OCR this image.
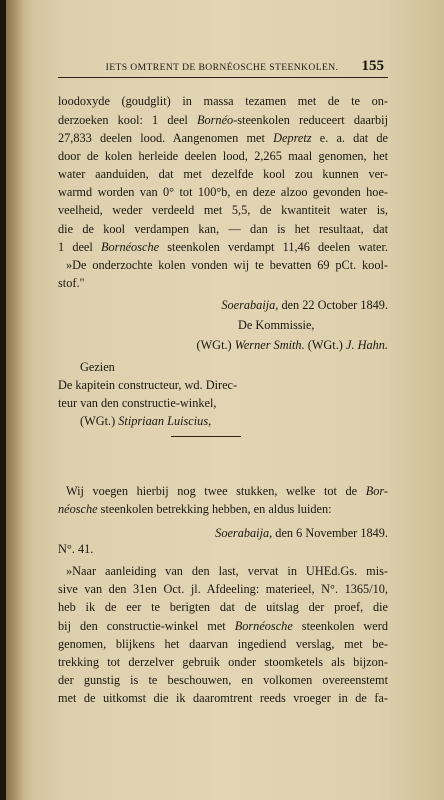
IETS OMTRENT DE BORNÉOSCHE STEENKOLEN.	155
loodoxyde (goudglit) in massa tezamen met de te on-
derzoeken kool: 1 deel Bornéo-steenkolen reduceert daarbij
27,833 deelen lood. Aangenomen met Depretz e. a. dat de
door de kolen herleide deelen lood, 2,265 maal genomen, het
water aanduiden, dat met dezelfde kool zou kunnen ver-
warmd worden van 0° tot 100°b, en deze alzoo gevonden hoe-
veelheid, weder verdeeld met 5,5, de kwantiteit water is,
die de kool verdampen kan, — dan is het resultaat, dat
1 deel Bornéosche steenkolen verdampt 11,46 deelen water.
»De onderzochte kolen vonden wij te bevatten 69 pCt. kool-
stof."
Soerabaija, den 22 October 1849.
De Kommissie,
(WGt.) Werner Smith. (WGt.) J. Hahn.
Gezien
De kapitein constructeur, wd. Direc-
teur van den constructie-winkel,
(WGt.) Stipriaan Luiscius,
Wij voegen hierbij nog twee stukken, welke tot de Bor-
néosche steenkolen betrekking hebben, en aldus luiden:
Soerabaija, den 6 November 1849.
N°. 41.
»Naar aanleiding van den last, vervat in UHEd.Gs. mis-
sive van den 31en Oct. jl. Afdeeling: materieel, N°. 1365/10,
heb ik de eer te berigten dat de uitslag der proef, die
bij den constructie-winkel met Bornéosche steenkolen werd
genomen, blijkens het daarvan ingediend verslag, met be-
trekking tot derzelver gebruik onder stoomketels als bijzon-
der gunstig is te beschouwen, en volkomen overeenstemt
met de uitkomst die ik daaromtrent reeds vroeger in de fa-
